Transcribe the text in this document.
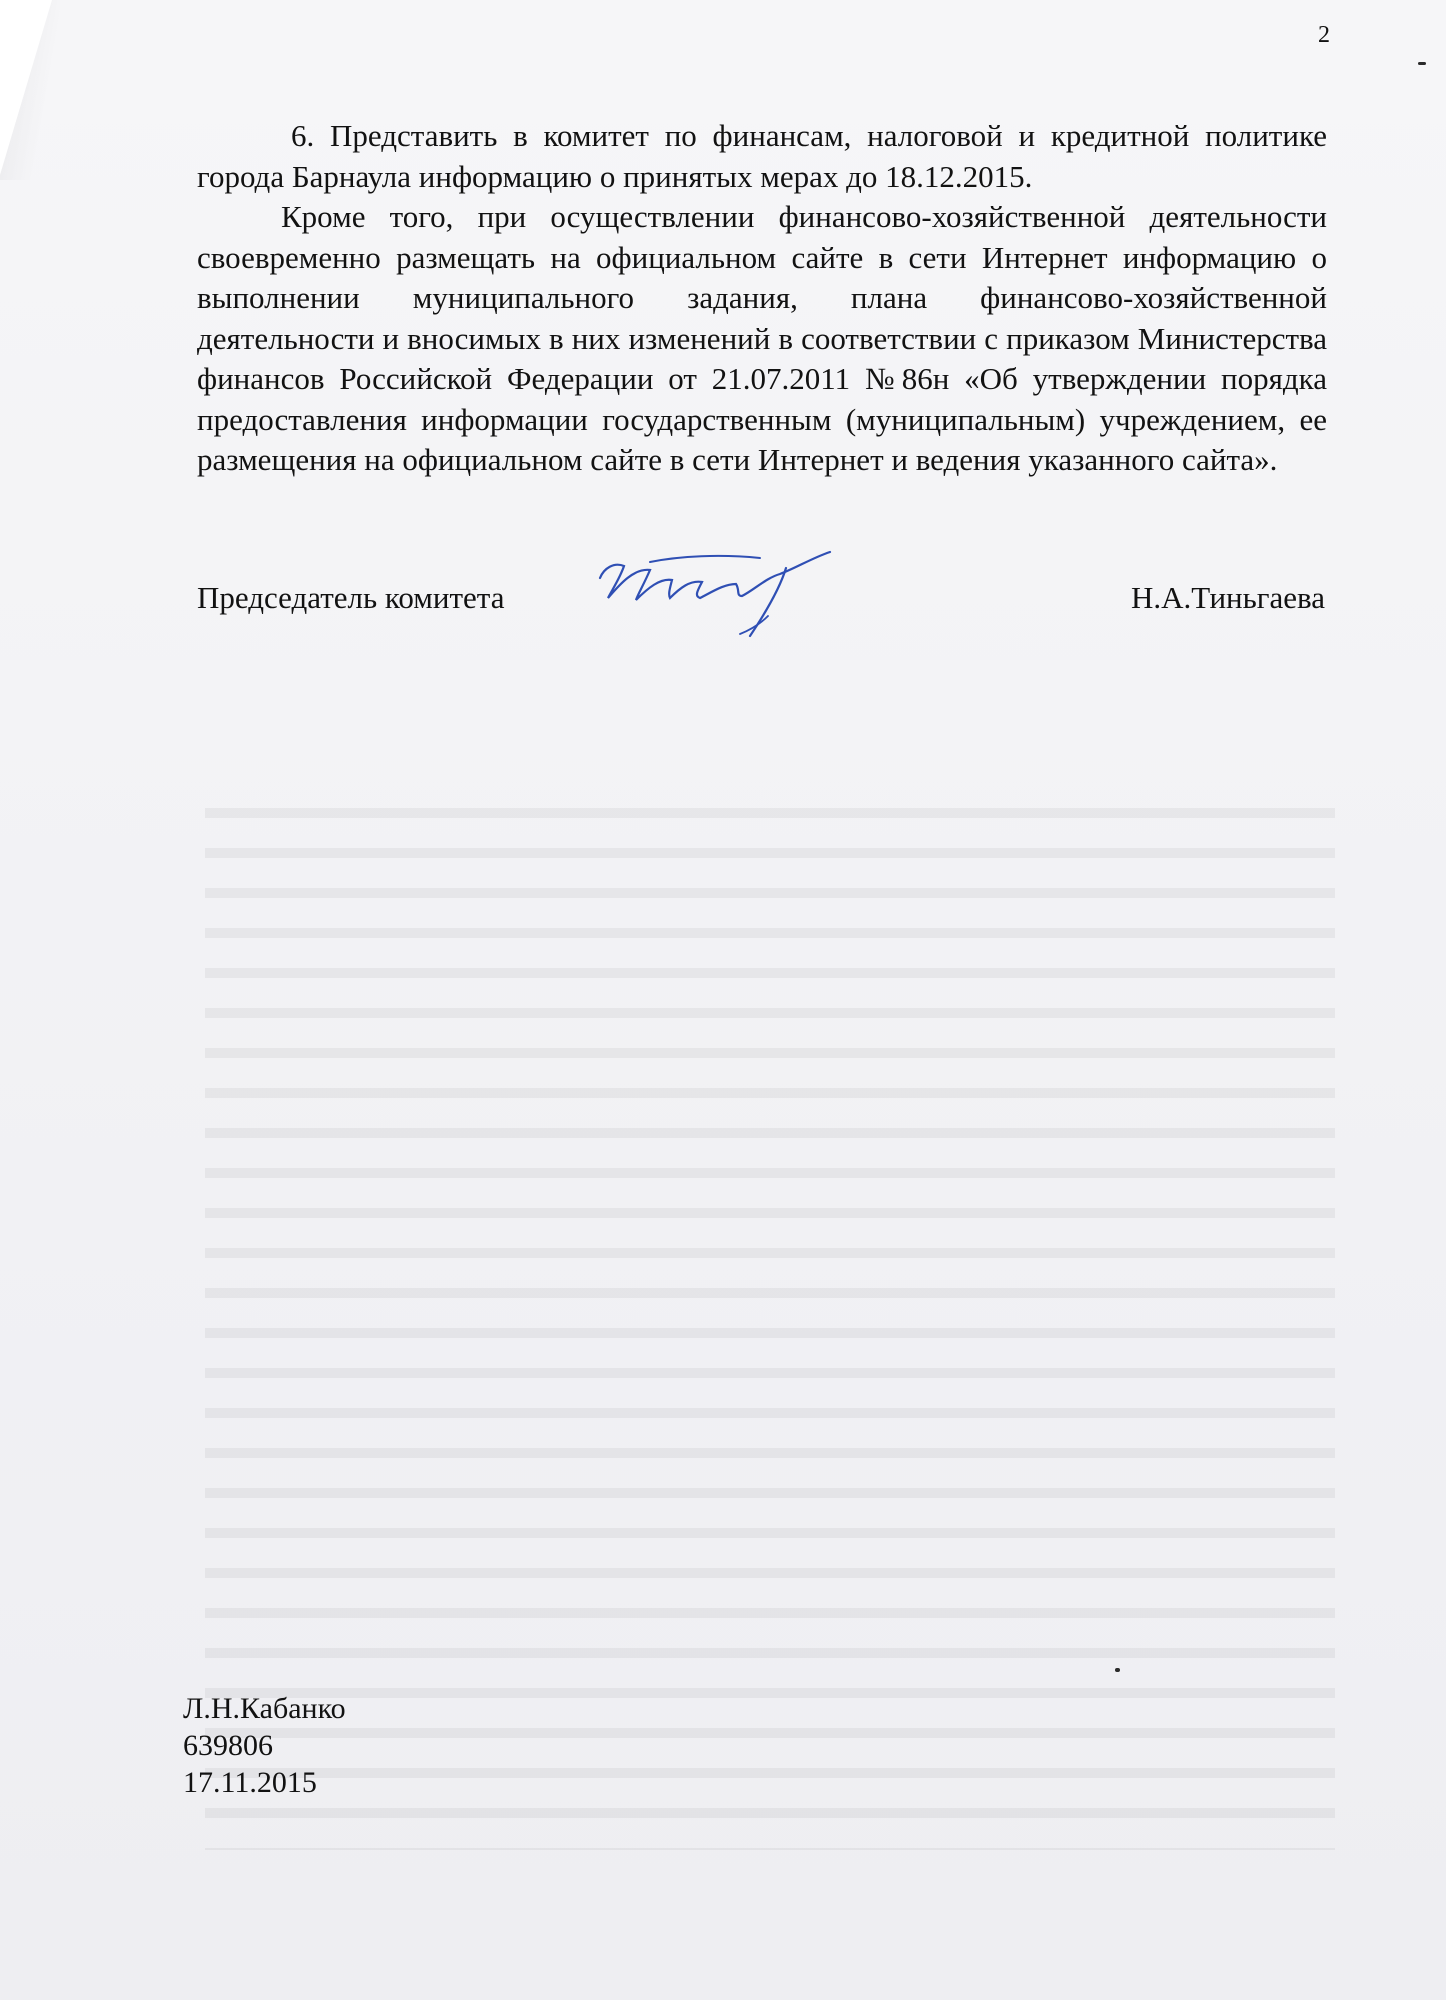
2

6. Представить в комитет по финансам, налоговой и кредитной политике города Барнаула информацию о принятых мерах до 18.12.2015.

Кроме того, при осуществлении финансово-хозяйственной деятельности своевременно размещать на официальном сайте в сети Интернет информацию о выполнении муниципального задания, плана финансово-хозяйственной деятельности и вносимых в них изменений в соответствии с приказом Министерства финансов Российской Федерации от 21.07.2011 №86н «Об утверждении порядка предоставления информации государственным (муниципальным) учреждением, ее размещения на официальном сайте в сети Интернет и ведения указанного сайта».

Председатель комитета	Н.А.Тиньгаева
Л.Н.Кабанко
639806
17.11.2015
